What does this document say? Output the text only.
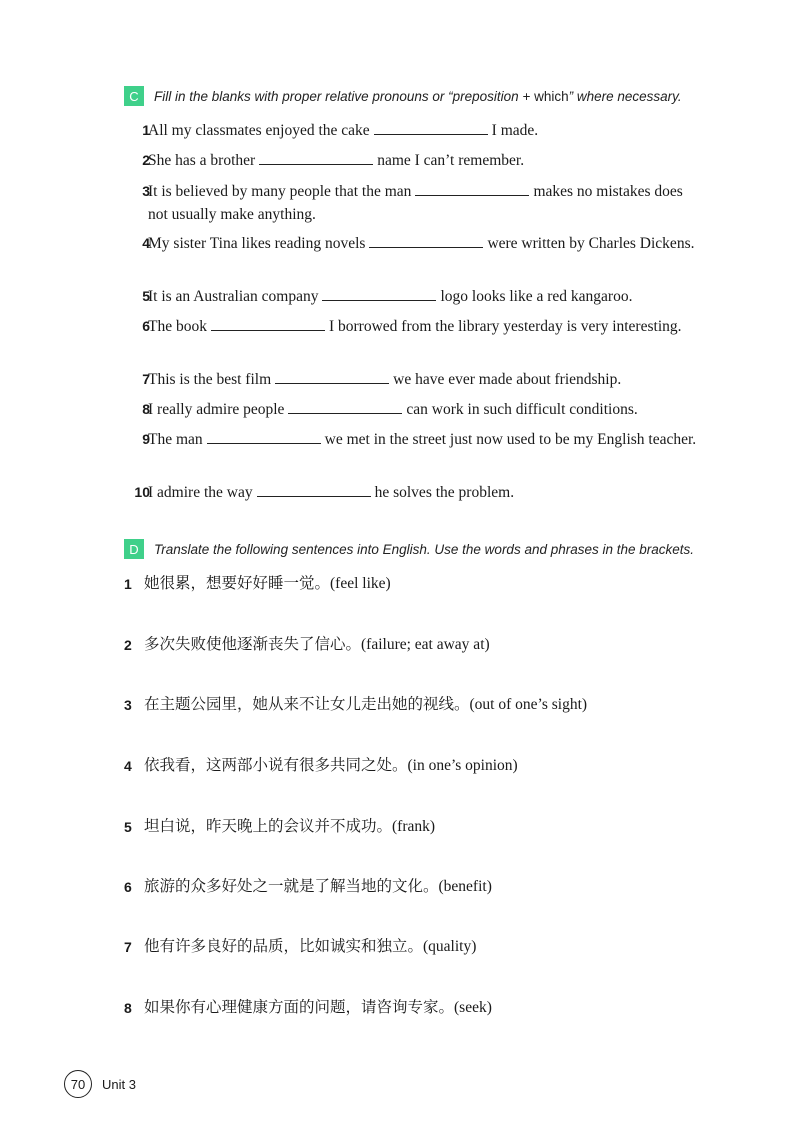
C	Fill in the blanks with proper relative pronouns or “preposition + which” where necessary.
1
All my classmates enjoyed the cake	I made.
2
She has a brother	name I can’t remember.
3
It is believed by many people that the man	makes no mistakes does not usually make anything.
4
My sister Tina likes reading novels	were written by Charles Dickens.
5
It is an Australian company	logo looks like a red kangaroo.
6
The book	I borrowed from the library yesterday is very interesting.
7
This is the best film	we have ever made about friendship.
8
I really admire people	can work in such difficult conditions.
9
The man	we met in the street just now used to be my English teacher.
10
I admire the way	he solves the problem.
D	Translate the following sentences into English. Use the words and phrases in the brackets.
1 她很累，想要好好睡一觉。(feel like)
2 多次失败使他逐渐丧失了信心。(failure; eat away at)
3 在主题公园里，她从来不让女儿走出她的视线。(out of one’s sight)
4 依我看，这两部小说有很多共同之处。(in one’s opinion)
5 坦白说，昨天晚上的会议并不成功。(frank)
6 旅游的众多好处之一就是了解当地的文化。(benefit)
7 他有许多良好的品质，比如诚实和独立。(quality)
8 如果你有心理健康方面的问题，请咨询专家。(seek)
70	Unit 3
